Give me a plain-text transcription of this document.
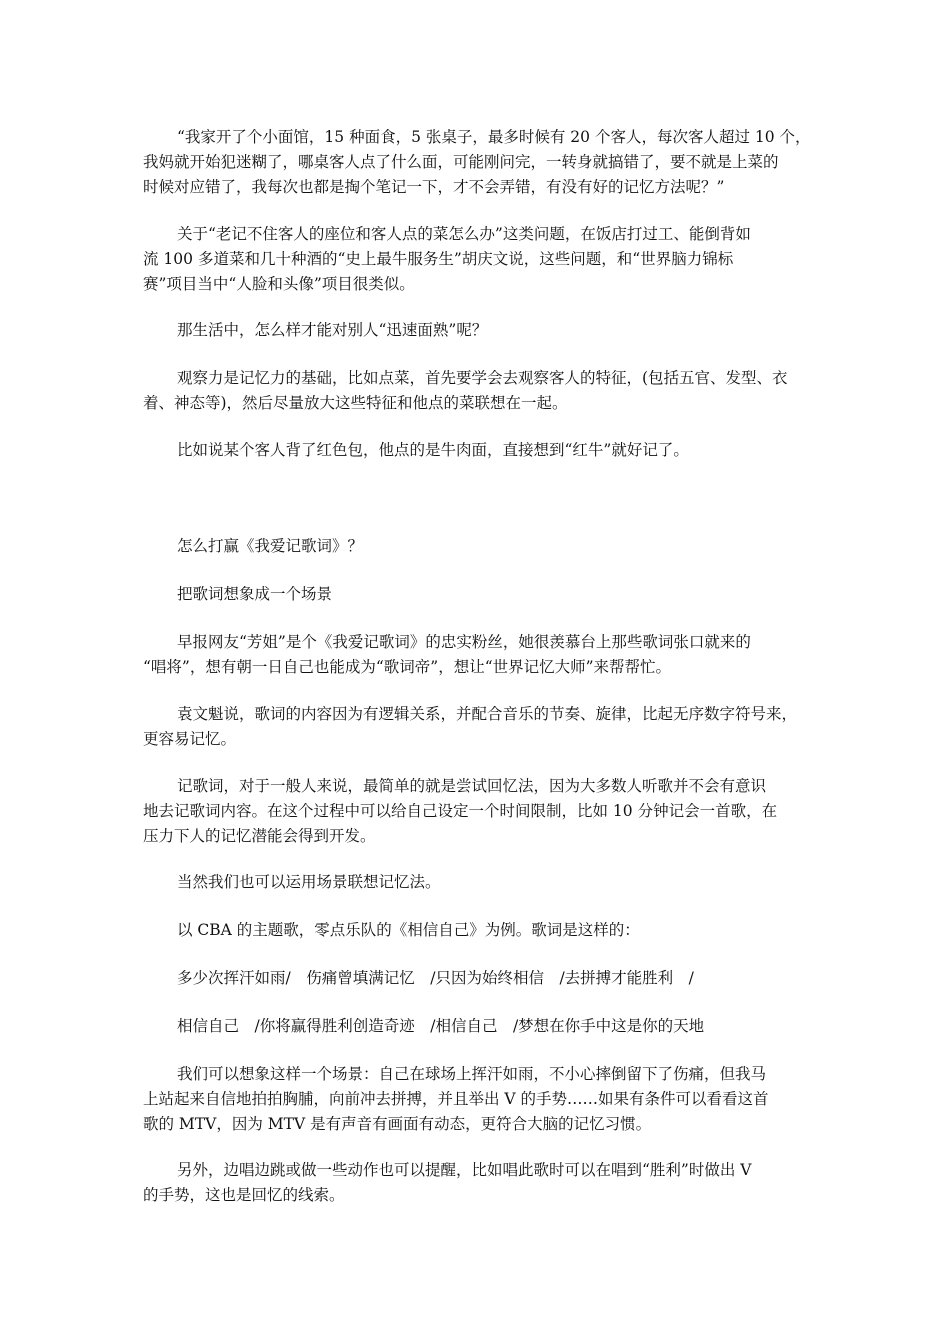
“我家开了个小面馆，15 种面食，5 张桌子，最多时候有 20 个客人，每次客人超过 10 个，
我妈就开始犯迷糊了，哪桌客人点了什么面，可能刚问完，一转身就搞错了，要不就是上菜的
时候对应错了，我每次也都是掏个笔记一下，才不会弄错，有没有好的记忆方法呢？”
关于“老记不住客人的座位和客人点的菜怎么办”这类问题，在饭店打过工、能倒背如
流 100 多道菜和几十种酒的“史上最牛服务生”胡庆文说，这些问题，和“世界脑力锦标
赛”项目当中“人脸和头像”项目很类似。
那生活中，怎么样才能对别人“迅速面熟”呢？
观察力是记忆力的基础，比如点菜，首先要学会去观察客人的特征，(包括五官、发型、衣
着、神态等)，然后尽量放大这些特征和他点的菜联想在一起。
比如说某个客人背了红色包，他点的是牛肉面，直接想到“红牛”就好记了。
怎么打赢《我爱记歌词》？
把歌词想象成一个场景
早报网友“芳姐”是个《我爱记歌词》的忠实粉丝，她很羡慕台上那些歌词张口就来的
“唱将”，想有朝一日自己也能成为“歌词帝”，想让“世界记忆大师”来帮帮忙。
袁文魁说，歌词的内容因为有逻辑关系，并配合音乐的节奏、旋律，比起无序数字符号来，
更容易记忆。
记歌词，对于一般人来说，最简单的就是尝试回忆法，因为大多数人听歌并不会有意识
地去记歌词内容。在这个过程中可以给自己设定一个时间限制，比如 10 分钟记会一首歌，在
压力下人的记忆潜能会得到开发。
当然我们也可以运用场景联想记忆法。
以 CBA 的主题歌，零点乐队的《相信自己》为例。歌词是这样的：
多少次挥汗如雨/　伤痛曾填满记忆　/只因为始终相信　/去拼搏才能胜利　/
相信自己　/你将赢得胜利创造奇迹　/相信自己　/梦想在你手中这是你的天地
我们可以想象这样一个场景：自己在球场上挥汗如雨，不小心摔倒留下了伤痛，但我马
上站起来自信地拍拍胸脯，向前冲去拼搏，并且举出 V 的手势……如果有条件可以看看这首
歌的 MTV，因为 MTV 是有声音有画面有动态，更符合大脑的记忆习惯。
另外，边唱边跳或做一些动作也可以提醒，比如唱此歌时可以在唱到“胜利”时做出 V
的手势，这也是回忆的线索。
